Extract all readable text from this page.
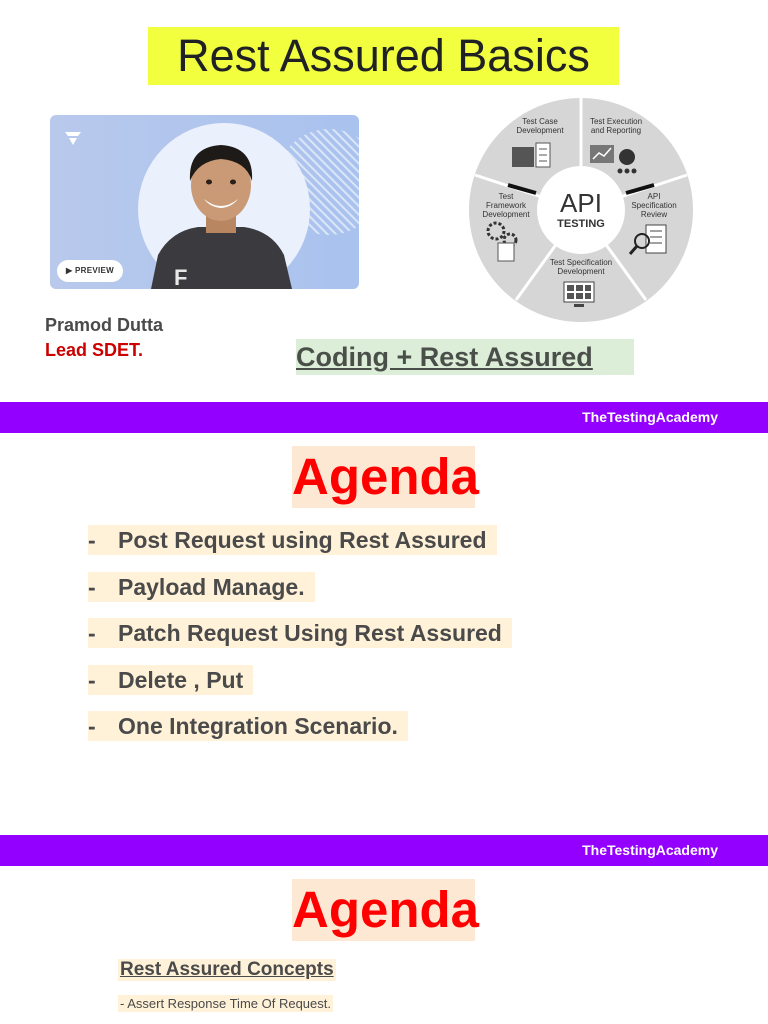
Rest Assured Basics
F
▶ PREVIEW
Pramod Dutta
Lead SDET.	Coding + Rest Assured
API
TESTING
Test Case Development
Test Execution and Reporting
API Specification Review
Test Specification Development
Test Framework Development
TheTestingAcademy
Agenda
- Post Request using Rest Assured
- Payload Manage.
- Patch Request Using Rest Assured
- Delete , Put
- One Integration Scenario.
TheTestingAcademy
Agenda
Rest Assured Concepts
- Assert Response Time Of Request.
